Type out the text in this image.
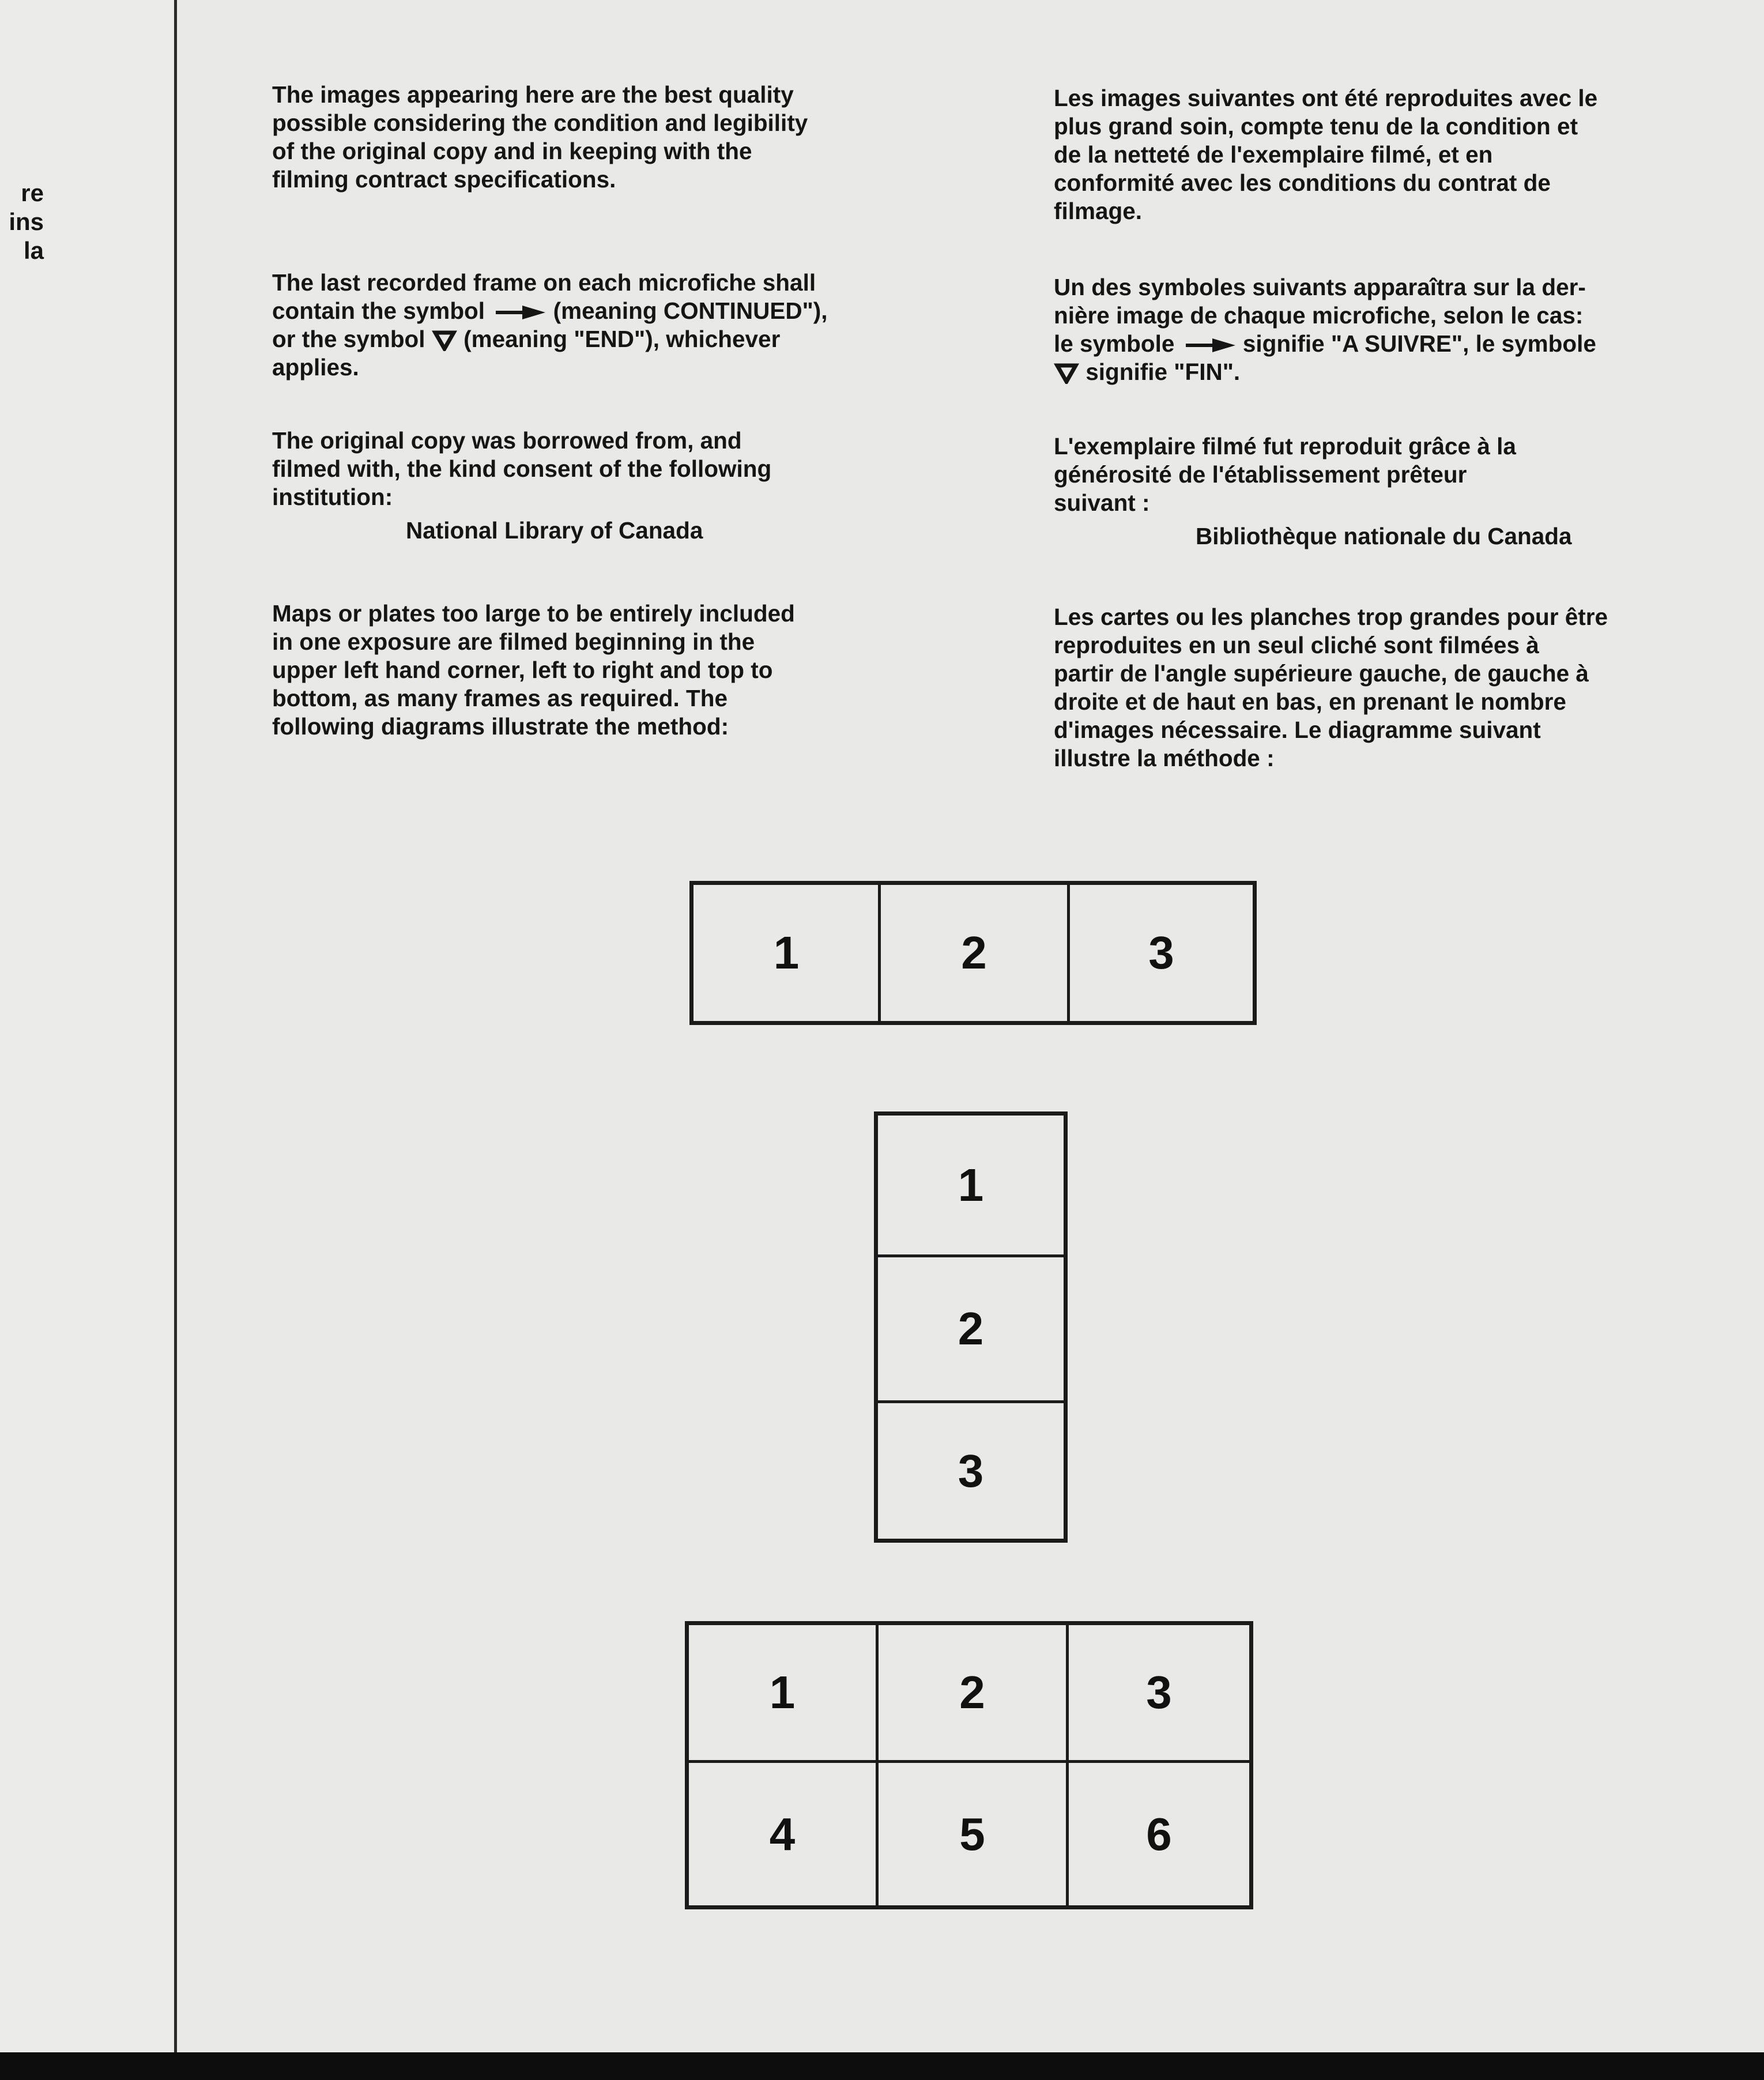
re
ins
la
The images appearing here are the best quality
possible considering the condition and legibility
of the original copy and in keeping with the
filming contract specifications.
The last recorded frame on each microfiche shall
contain the symbol	(meaning CONTINUED"),
or the symbol (meaning "END"), whichever
applies.
The original copy was borrowed from, and
filmed with, the kind consent of the following
institution:
National Library of Canada
Maps or plates too large to be entirely included
in one exposure are filmed beginning in the
upper left hand corner, left to right and top to
bottom, as many frames as required. The
following diagrams illustrate the method:
Les images suivantes ont été reproduites avec le
plus grand soin, compte tenu de la condition et
de la netteté de l'exemplaire filmé, et en
conformité avec les conditions du contrat de
filmage.
Un des symboles suivants apparaîtra sur la der-
nière image de chaque microfiche, selon le cas:
le symbole	signifie "A SUIVRE", le symbole
signifie "FIN".
L'exemplaire filmé fut reproduit grâce à la
générosité de l'établissement prêteur
suivant :
Bibliothèque nationale du Canada
Les cartes ou les planches trop grandes pour être
reproduites en un seul cliché sont filmées à
partir de l'angle supérieure gauche, de gauche à
droite et de haut en bas, en prenant le nombre
d'images nécessaire. Le diagramme suivant
illustre la méthode :
1	2	3
1
2
3
1	2	3
4	5	6
